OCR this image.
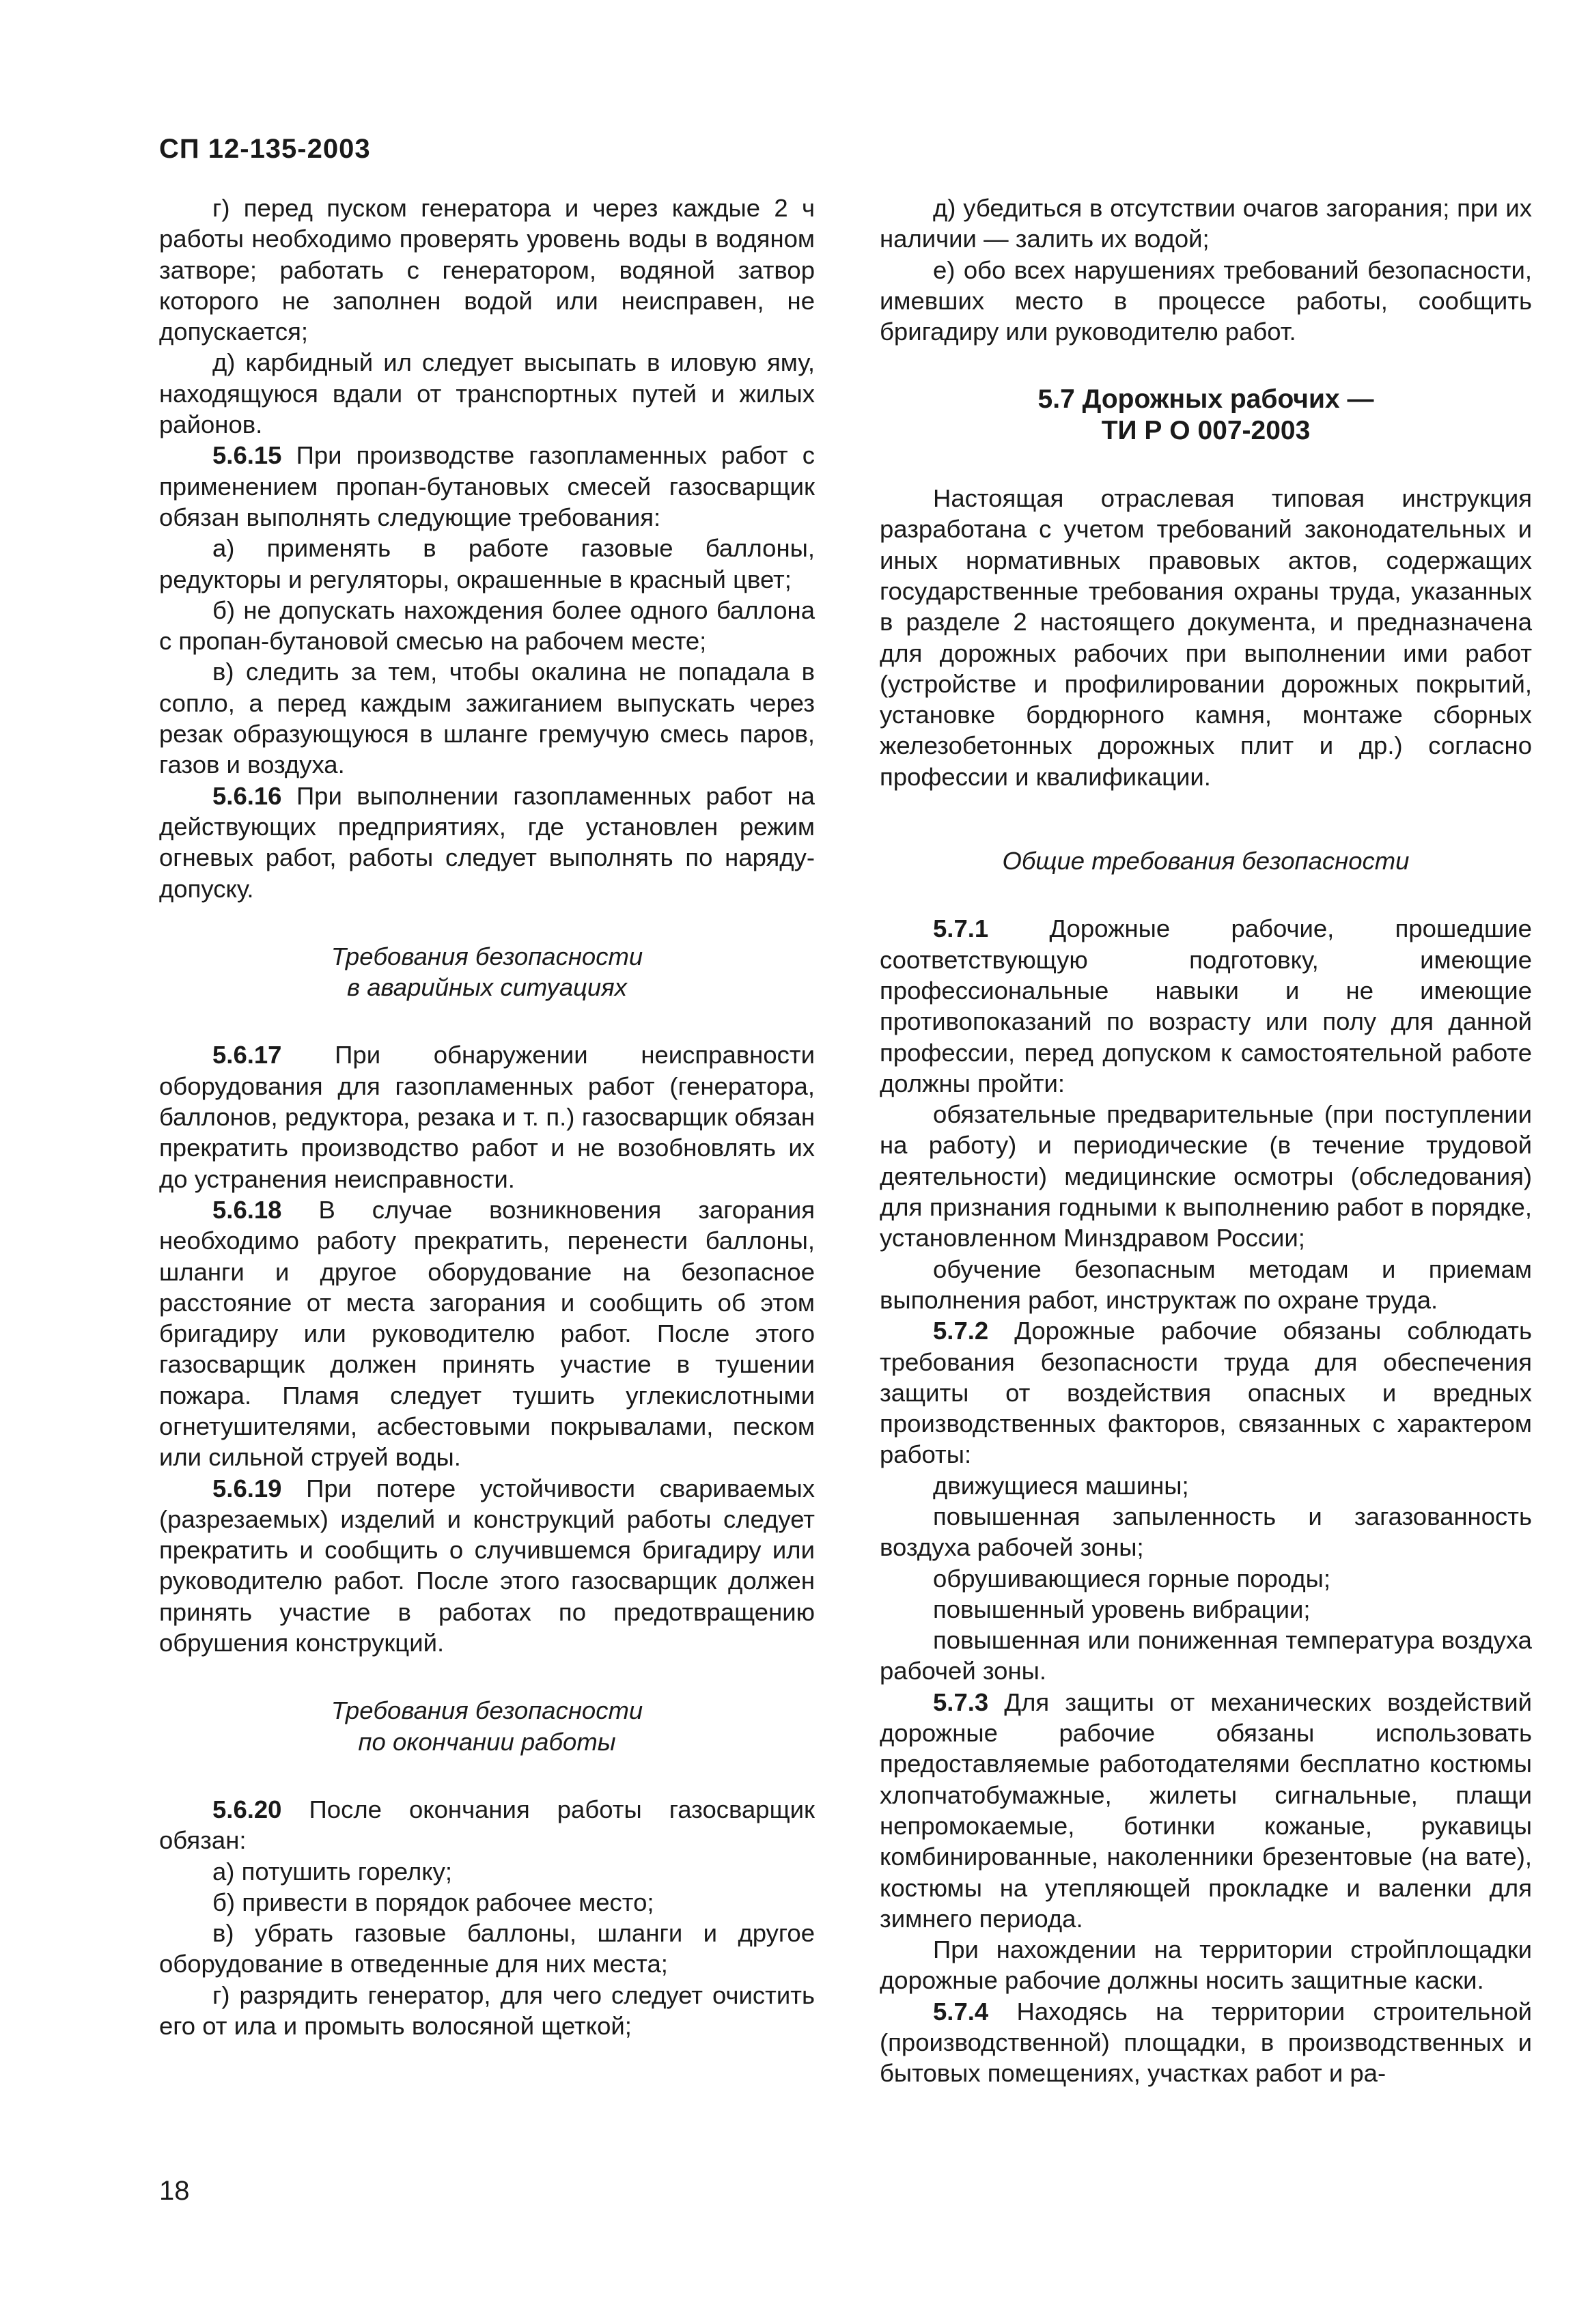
СП 12-135-2003

г) перед пуском генератора и через каждые 2 ч работы необходимо проверять уровень воды в водяном затворе; работать с генератором, водяной затвор которого не заполнен водой или неисправен, не допускается;

д) карбидный ил следует высыпать в иловую яму, находящуюся вдали от транспортных путей и жилых районов.

5.6.15 При производстве газопламенных работ с применением пропан-бутановых смесей газосварщик обязан выполнять следующие требования:

а) применять в работе газовые баллоны, редукторы и регуляторы, окрашенные в красный цвет;

б) не допускать нахождения более одного баллона с пропан-бутановой смесью на рабочем месте;

в) следить за тем, чтобы окалина не попадала в сопло, а перед каждым зажиганием выпускать через резак образующуюся в шланге гремучую смесь паров, газов и воздуха.

5.6.16 При выполнении газопламенных работ на действующих предприятиях, где установлен режим огневых работ, работы следует выполнять по наряду-допуску.

Требования безопасности

в аварийных ситуациях

5.6.17 При обнаружении неисправности оборудования для газопламенных работ (генератора, баллонов, редуктора, резака и т. п.) газосварщик обязан прекратить производство работ и не возобновлять их до устранения неисправности.

5.6.18 В случае возникновения загорания необходимо работу прекратить, перенести баллоны, шланги и другое оборудование на безопасное расстояние от места загорания и сообщить об этом бригадиру или руководителю работ. После этого газосварщик должен принять участие в тушении пожара. Пламя следует тушить углекислотными огнетушителями, асбестовыми покрывалами, песком или сильной струей воды.

5.6.19 При потере устойчивости свариваемых (разрезаемых) изделий и конструкций работы следует прекратить и сообщить о случившемся бригадиру или руководителю работ. После этого газосварщик должен принять участие в работах по предотвращению обрушения конструкций.

Требования безопасности

по окончании работы

5.6.20 После окончания работы газосварщик обязан:

а) потушить горелку;

б) привести в порядок рабочее место;

в) убрать газовые баллоны, шланги и другое оборудование в отведенные для них места;

г) разрядить генератор, для чего следует очистить его от ила и промыть волосяной щеткой;

д) убедиться в отсутствии очагов загорания; при их наличии — залить их водой;

е) обо всех нарушениях требований безопасности, имевших место в процессе работы, сообщить бригадиру или руководителю работ.

5.7 Дорожных рабочих —

ТИ Р О 007-2003

Настоящая отраслевая типовая инструкция разработана с учетом требований законодательных и иных нормативных правовых актов, содержащих государственные требования охраны труда, указанных в разделе 2 настоящего документа, и предназначена для дорожных рабочих при выполнении ими работ (устройстве и профилировании дорожных покрытий, установке бордюрного камня, монтаже сборных железобетонных дорожных плит и др.) согласно профессии и квалификации.

Общие требования безопасности

5.7.1 Дорожные рабочие, прошедшие соответствующую подготовку, имеющие профессиональные навыки и не имеющие противопоказаний по возрасту или полу для данной профессии, перед допуском к самостоятельной работе должны пройти:

обязательные предварительные (при поступлении на работу) и периодические (в течение трудовой деятельности) медицинские осмотры (обследования) для признания годными к выполнению работ в порядке, установленном Минздравом России;

обучение безопасным методам и приемам выполнения работ, инструктаж по охране труда.

5.7.2 Дорожные рабочие обязаны соблюдать требования безопасности труда для обеспечения защиты от воздействия опасных и вредных производственных факторов, связанных с характером работы:

движущиеся машины;

повышенная запыленность и загазованность воздуха рабочей зоны;

обрушивающиеся горные породы;

повышенный уровень вибрации;

повышенная или пониженная температура воздуха рабочей зоны.

5.7.3 Для защиты от механических воздействий дорожные рабочие обязаны использовать предоставляемые работодателями бесплатно костюмы хлопчатобумажные, жилеты сигнальные, плащи непромокаемые, ботинки кожаные, рукавицы комбинированные, наколенники брезентовые (на вате), костюмы на утепляющей прокладке и валенки для зимнего периода.

При нахождении на территории стройплощадки дорожные рабочие должны носить защитные каски.

5.7.4 Находясь на территории строительной (производственной) площадки, в производственных и бытовых помещениях, участках работ и ра-

18
